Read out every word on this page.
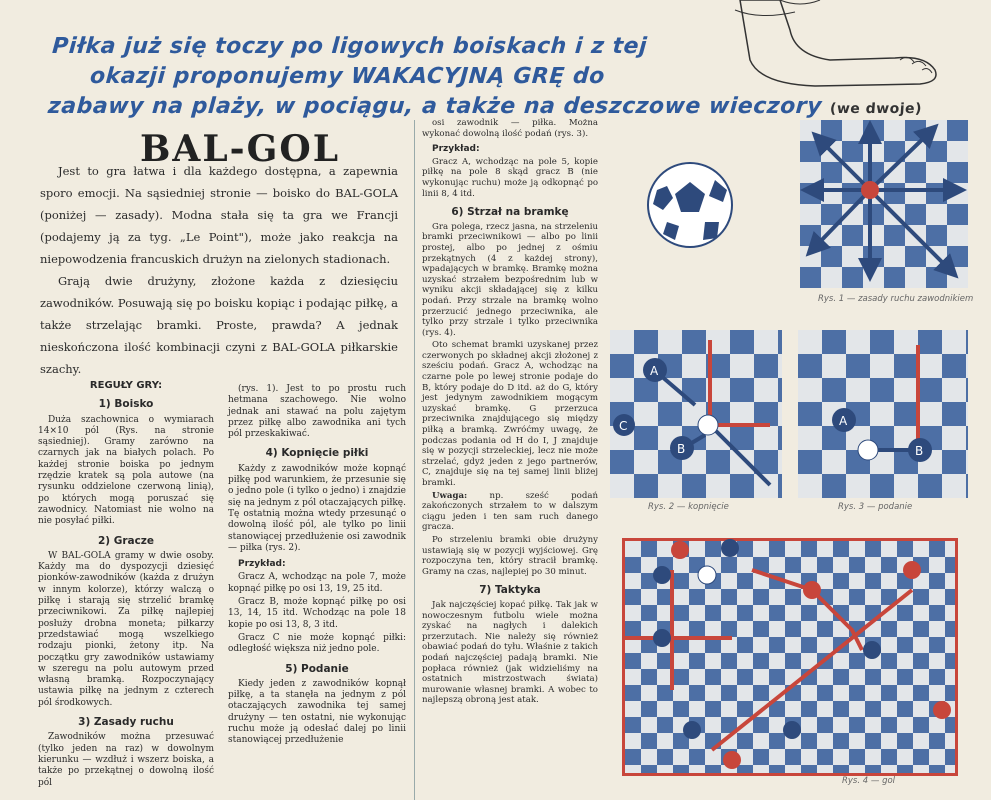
Piłka już się toczy po ligowych boiskach i z tej
okazji proponujemy WAKACYJNĄ GRĘ do
zabawy na plaży, w pociągu, a także na deszczowe wieczory (we dwoje)
BAL-GOL

Jest to gra łatwa i dla każdego dostępna, a zapewnia sporo emocji. Na sąsiedniej stronie — boisko do BAL-GOLA (poniżej — zasady). Modna stała się ta gra we Francji (podajemy ją za tyg. „Le Point"), może jako reakcja na niepowodzenia francuskich drużyn na zielonych stadionach.

Grają dwie drużyny, złożone każda z dziesięciu zawodników. Posuwają się po boisku kopiąc i podając piłkę, a także strzelając bramki. Proste, prawda? A jednak nieskończona ilość kombinacji czyni z BAL-GOLA piłkarskie szachy.

REGUŁY GRY:
1) Boisko

Duża szachownica o wymiarach 14×10 pól (Rys. na stronie sąsiedniej). Gramy zarówno na czarnych jak na białych polach. Po każdej stronie boiska po jednym rzędzie kratek są pola autowe (na rysunku oddzielone czerwoną linią), po których mogą poruszać się zawodnicy. Natomiast nie wolno na nie posyłać piłki.

2) Gracze

W BAL-GOLA gramy w dwie osoby. Każdy ma do dyspozycji dziesięć pionków-zawodników (każda z drużyn w innym kolorze), którzy walczą o piłkę i starają się strzelić bramkę przeciwnikowi. Za piłkę najlepiej posłuży drobna moneta; piłkarzy przedstawiać mogą wszelkiego rodzaju pionki, żetony itp. Na początku gry zawodników ustawiamy w szeregu na polu autowym przed własną bramką. Rozpoczynający ustawia piłkę na jednym z czterech pól środkowych.

3) Zasady ruchu

Zawodników można przesuwać (tylko jeden na raz) w dowolnym kierunku — wzdłuż i wszerz boiska, a także po przekątnej o dowolną ilość pól

(rys. 1). Jest to po prostu ruch hetmana szachowego. Nie wolno jednak ani stawać na polu zajętym przez piłkę albo zawodnika ani tych pól przeskakiwać.

4) Kopnięcie piłki

Każdy z zawodników może kopnąć piłkę pod warunkiem, że przesunie się o jedno pole (i tylko o jedno) i znajdzie się na jednym z pól otaczających piłkę. Tę ostatnią można wtedy przesunąć o dowolną ilość pól, ale tylko po linii stanowiącej przedłużenie osi zawodnik — piłka (rys. 2).

Przykład:

Gracz A, wchodząc na pole 7, może kopnąć piłkę po osi 13, 19, 25 itd.

Gracz B, może kopnąć piłkę po osi 13, 14, 15 itd. Wchodząc na pole 18 kopie po osi 13, 8, 3 itd.

Gracz C nie może kopnąć piłki: odległość większa niż jedno pole.

5) Podanie

Kiedy jeden z zawodników kopnął piłkę, a ta stanęła na jednym z pól otaczających zawodnika tej samej drużyny — ten ostatni, nie wykonując ruchu może ją odesłać dalej po linii stanowiącej przedłużenie

osi zawodnik — piłka. Można wykonać dowolną ilość podań (rys. 3).

Przykład:

Gracz A, wchodząc na pole 5, kopie piłkę na pole 8 skąd gracz B (nie wykonując ruchu) może ją odkopnąć po linii 8, 4 itd.

6) Strzał na bramkę

Gra polega, rzecz jasna, na strzeleniu bramki przeciwnikowi — albo po linii prostej, albo po jednej z ośmiu przekątnych (4 z każdej strony), wpadających w bramkę. Bramkę można uzyskać strzałem bezpośrednim lub w wyniku akcji składającej się z kilku podań. Przy strzale na bramkę wolno przerzucić jednego przeciwnika, ale tylko przy strzale i tylko przeciwnika (rys. 4).

Oto schemat bramki uzyskanej przez czerwonych po składnej akcji złożonej z sześciu podań. Gracz A, wchodząc na czarne pole po lewej stronie podaje do B, który podaje do D itd. aż do G, który jest jedynym zawodnikiem mogącym uzyskać bramkę. G przerzuca przeciwnika znajdującego się między piłką a bramką. Zwróćmy uwagę, że podczas podania od H do I, J znajduje się w pozycji strzeleckiej, lecz nie może strzelać, gdyż jeden z jego partnerów, C, znajduje się na tej samej linii bliżej bramki.

Uwaga:	np. sześć podań zakończonych strzałem to w dalszym ciągu jeden i ten sam ruch danego gracza.

Po strzeleniu bramki obie drużyny ustawiają się w pozycji wyjściowej. Grę rozpoczyna ten, który stracił bramkę. Gramy na czas, najlepiej po 30 minut.

7) Taktyka

Jak najczęściej kopać piłkę. Tak jak w nowoczesnym futbolu wiele można zyskać na nagłych i dalekich przerzutach. Nie należy się również obawiać podań do tyłu. Właśnie z takich podań najczęściej padają bramki. Nie popłaca również (jak widzieliśmy na ostatnich mistrzostwach świata) murowanie własnej bramki. A wobec to najlepszą obroną jest atak.

Rys. 1 — zasady ruchu zawodnikiem
A
B
C
Rys. 2 — kopnięcie
A
B
Rys. 3 — podanie
Rys. 4 — gol
